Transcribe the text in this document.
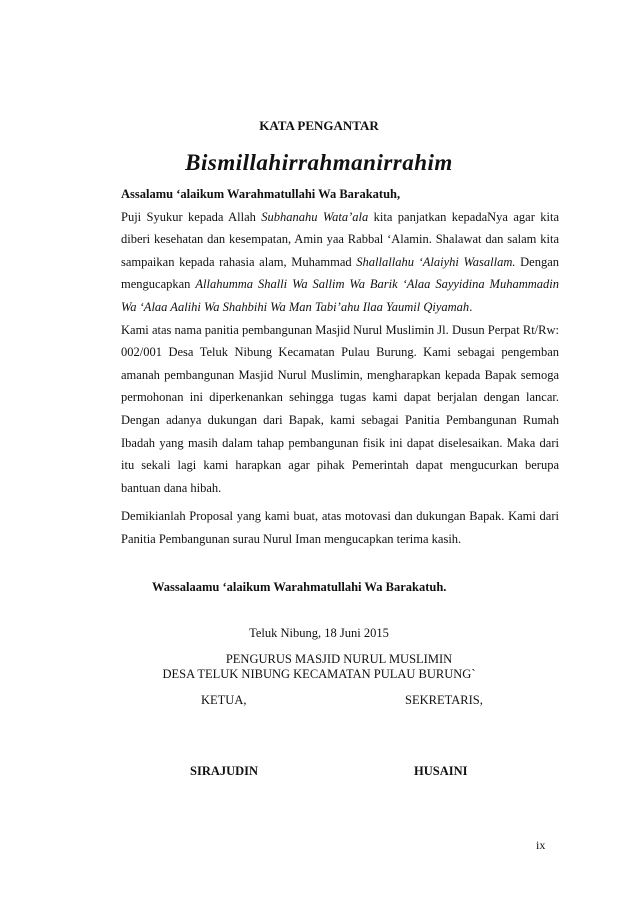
KATA PENGANTAR
Bismillahirrahmanirrahim

Assalamu ‘alaikum Warahmatullahi Wa Barakatuh,

Puji Syukur kepada Allah Subhanahu Wata’ala kita panjatkan kepadaNya agar kita diberi kesehatan dan kesempatan, Amin yaa Rabbal ‘Alamin. Shalawat dan salam kita sampaikan kepada rahasia alam, Muhammad Shallallahu ‘Alaiyhi Wasallam. Dengan mengucapkan Allahumma Shalli Wa Sallim Wa Barik ‘Alaa Sayyidina Muhammadin Wa ‘Alaa Aalihi Wa Shahbihi Wa Man Tabi’ahu Ilaa Yaumil Qiyamah.

Kami atas nama panitia pembangunan Masjid Nurul Muslimin Jl. Dusun Perpat Rt/Rw: 002/001 Desa Teluk Nibung Kecamatan Pulau Burung. Kami sebagai pengemban amanah pembangunan Masjid Nurul Muslimin, mengharapkan kepada Bapak semoga permohonan ini diperkenankan sehingga tugas kami dapat berjalan dengan lancar. Dengan adanya dukungan dari Bapak, kami sebagai Panitia Pembangunan Rumah Ibadah yang masih dalam tahap pembangunan fisik ini dapat diselesaikan. Maka dari itu sekali lagi kami harapkan agar pihak Pemerintah dapat mengucurkan berupa bantuan dana hibah.

Demikianlah Proposal yang kami buat, atas motovasi dan dukungan Bapak. Kami dari Panitia Pembangunan surau Nurul Iman mengucapkan terima kasih.

Wassalaamu ‘alaikum Warahmatullahi Wa Barakatuh.
Teluk Nibung, 18 Juni 2015
PENGURUS MASJID NURUL MUSLIMIN
DESA TELUK NIBUNG KECAMATAN PULAU BURUNG`
KETUA,	SEKRETARIS,
SIRAJUDIN	HUSAINI
ix
